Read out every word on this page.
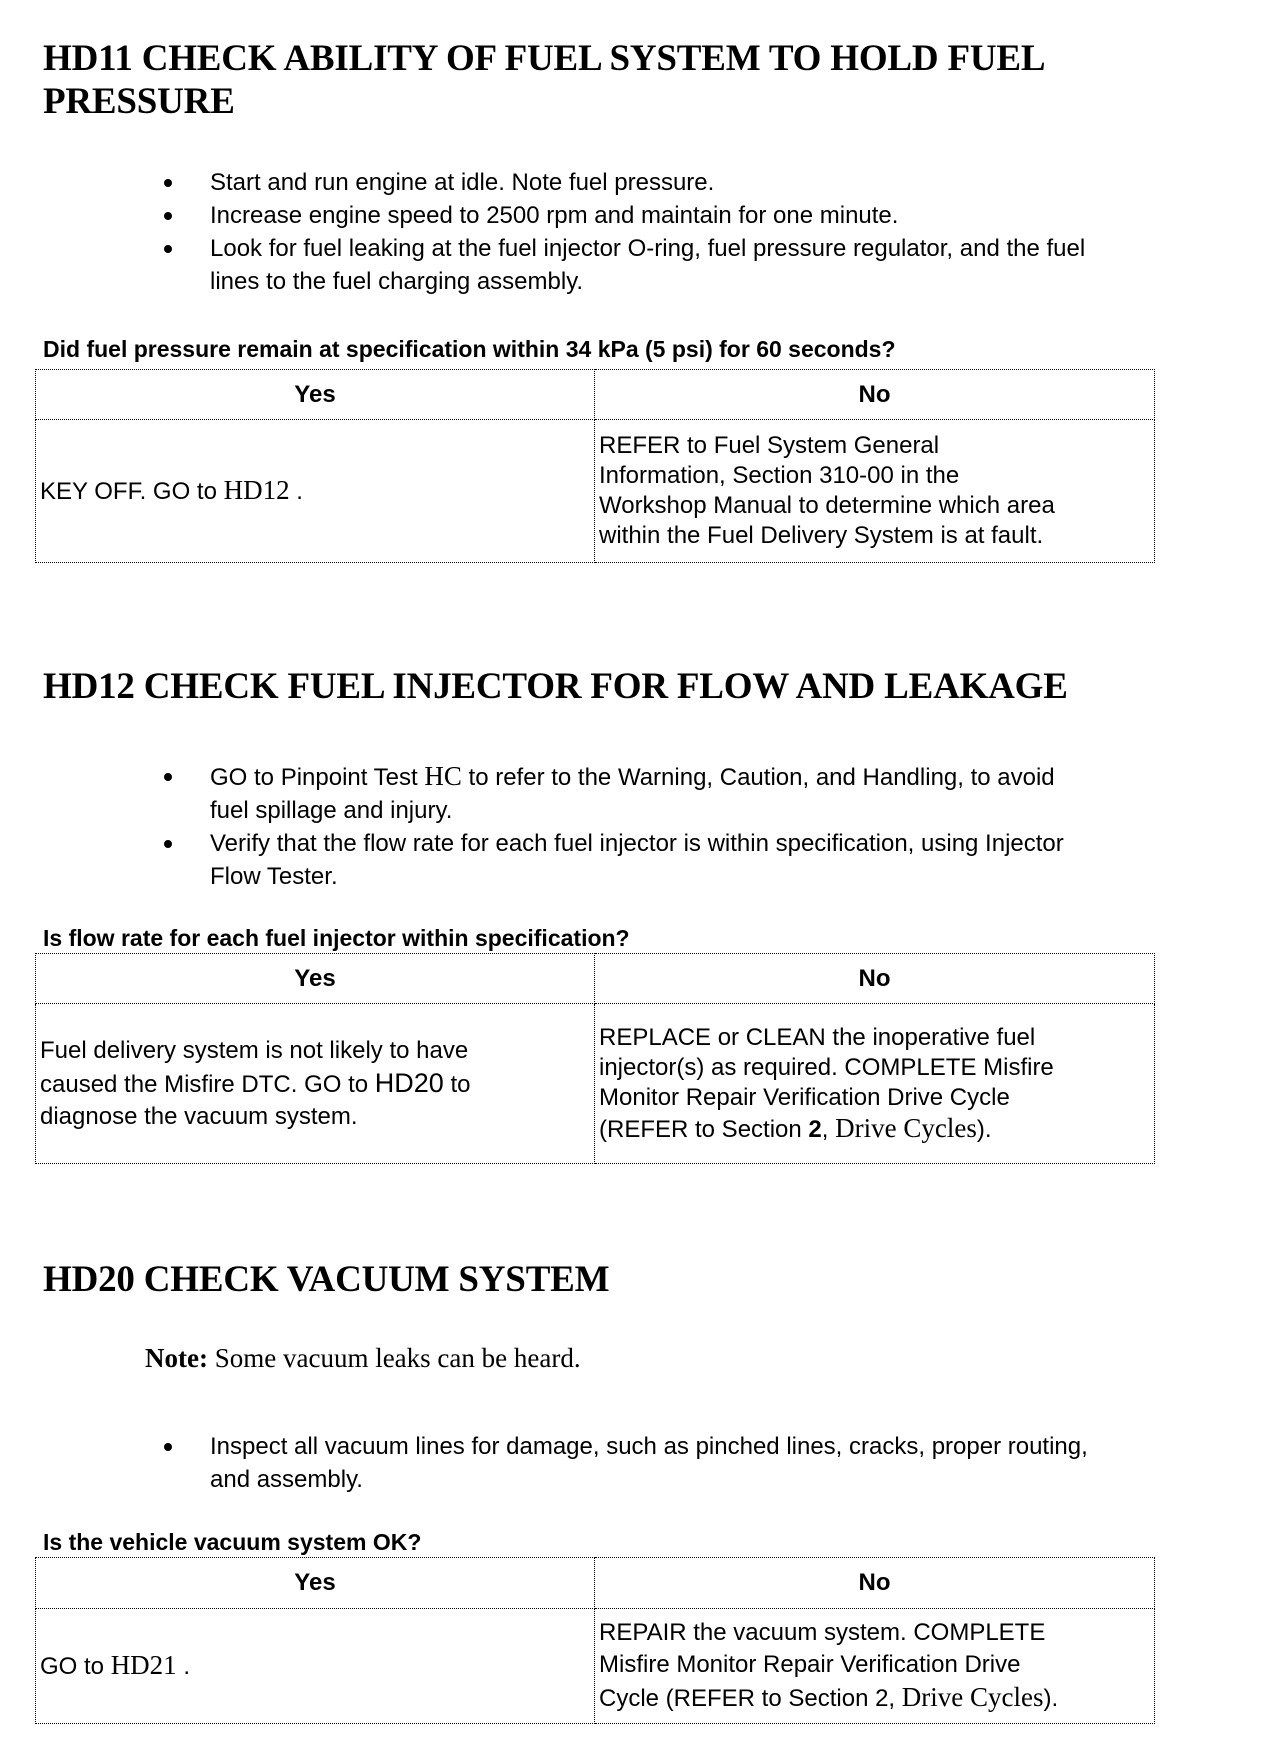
HD11 CHECK ABILITY OF FUEL SYSTEM TO HOLD FUEL
PRESSURE
Start and run engine at idle. Note fuel pressure.
Increase engine speed to 2500 rpm and maintain for one minute.
Look for fuel leaking at the fuel injector O-ring, fuel pressure regulator, and the fuel
lines to the fuel charging assembly.
Did fuel pressure remain at specification within 34 kPa (5 psi) for 60 seconds?
Yes	No
KEY OFF. GO to HD12 .	REFER to Fuel System General
Information, Section 310-00 in the
Workshop Manual to determine which area
within the Fuel Delivery System is at fault.
HD12 CHECK FUEL INJECTOR FOR FLOW AND LEAKAGE
GO to Pinpoint Test HC to refer to the Warning, Caution, and Handling, to avoid
fuel spillage and injury.
Verify that the flow rate for each fuel injector is within specification, using Injector
Flow Tester.
Is flow rate for each fuel injector within specification?
Yes	No
Fuel delivery system is not likely to have
caused the Misfire DTC. GO to HD20 to
diagnose the vacuum system.	REPLACE or CLEAN the inoperative fuel
injector(s) as required. COMPLETE Misfire
Monitor Repair Verification Drive Cycle
(REFER to Section 2, Drive Cycles).
HD20 CHECK VACUUM SYSTEM
Note: Some vacuum leaks can be heard.
Inspect all vacuum lines for damage, such as pinched lines, cracks, proper routing,
and assembly.
Is the vehicle vacuum system OK?
Yes	No
GO to HD21 .	REPAIR the vacuum system. COMPLETE
Misfire Monitor Repair Verification Drive
Cycle (REFER to Section 2, Drive Cycles).
